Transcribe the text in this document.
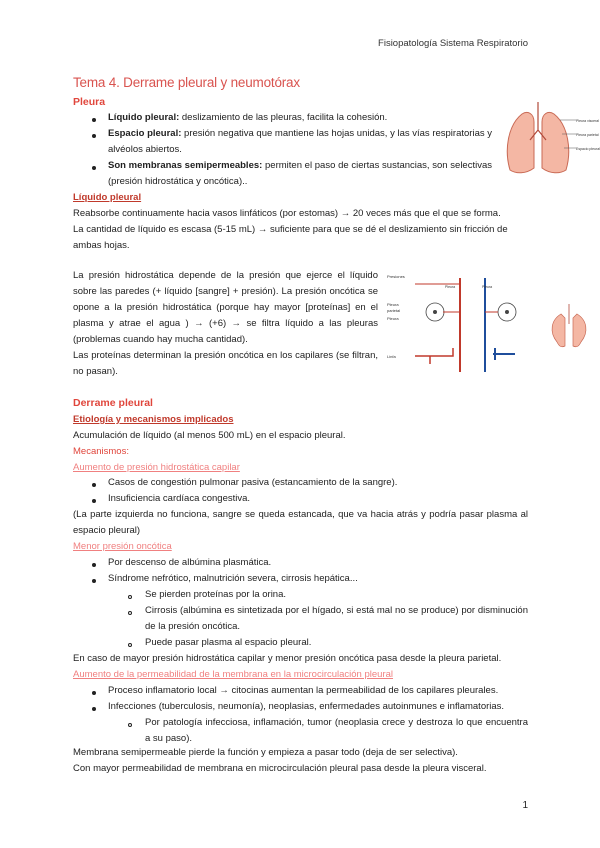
Fisiopatología Sistema Respiratorio
Tema 4. Derrame pleural y neumotórax
Pleura
Líquido pleural: deslizamiento de las pleuras, facilita la cohesión.
Espacio pleural: presión negativa que mantiene las hojas unidas, y las vías respiratorias y alvéolos abiertos.
Son membranas semipermeables: permiten el paso de ciertas sustancias, son selectivas (presión hidrostática y oncótica)..
Pleura visceral
Pleura parietal
Espacio pleural
Líquido pleural
Reabsorbe continuamente hacia vasos linfáticos (por estomas) → 20 veces más que el que se forma.
La cantidad de líquido es escasa (5-15 mL) → suficiente para que se dé el deslizamiento sin fricción de ambas hojas.
La presión hidrostática depende de la presión que ejerce el líquido sobre las paredes (+ líquido [sangre] + presión). La presión oncótica se opone a la presión hidrostática (porque hay mayor [proteínas] en el plasma y atrae el agua ) → (+6) → se filtra líquido a las pleuras (problemas cuando hay mucha cantidad).
Las proteínas determinan la presión oncótica en los capilares (se filtran, no pasan).
Presiones
Pleura
parietal
Pleura
Linfa
Pleura	Pleura
Derrame pleural
Etiología y mecanismos implicados
Acumulación de líquido (al menos 500 mL) en el espacio pleural.
Mecanismos:
Aumento de presión hidrostática capilar
Casos de congestión pulmonar pasiva (estancamiento de la sangre).
Insuficiencia cardíaca congestiva.
(La parte izquierda no funciona, sangre se queda estancada, que va hacia atrás y podría pasar plasma al espacio pleural)
Menor presión oncótica
Por descenso de albúmina plasmática.
Síndrome nefrótico, malnutrición severa, cirrosis hepática...
Se pierden proteínas por la orina.
Cirrosis (albúmina es sintetizada por el hígado, si está mal no se produce) por disminución de la presión oncótica.
Puede pasar plasma al espacio pleural.
En caso de mayor presión hidrostática capilar y menor presión oncótica pasa desde la pleura parietal.
Aumento de la permeabilidad de la membrana en la microcirculación pleural
Proceso inflamatorio local → citocinas aumentan la permeabilidad de los capilares pleurales.
Infecciones (tuberculosis, neumonía), neoplasias, enfermedades autoinmunes e inflamatorias.
Por patología infecciosa, inflamación, tumor (neoplasia crece y destroza lo que encuentra a su paso).
Membrana semipermeable pierde la función y empieza a pasar todo (deja de ser selectiva).
Con mayor permeabilidad de membrana en microcirculación pleural pasa desde la pleura visceral.
1
